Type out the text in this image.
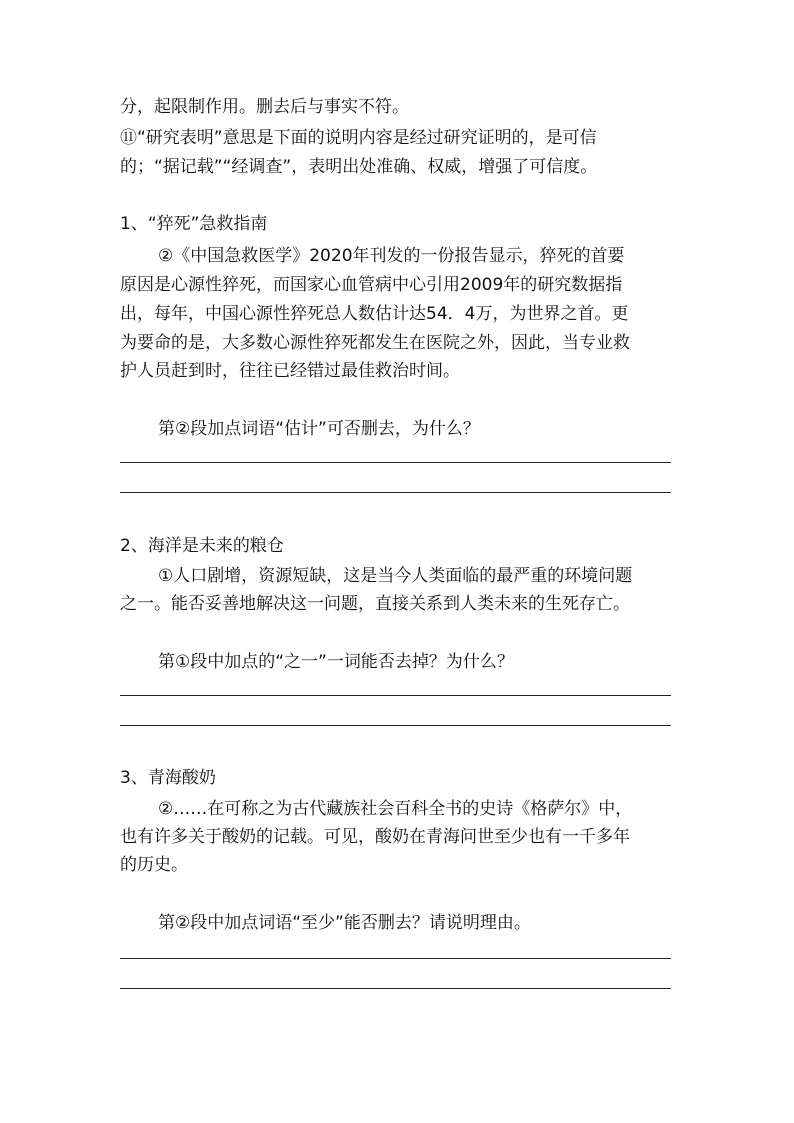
分，起限制作用。删去后与事实不符。
⑪“研究表明”意思是下面的说明内容是经过研究证明的，是可信
的；“据记载”“经调查”，表明出处准确、权威，增强了可信度。
1、“猝死”急救指南
②《中国急救医学》2020年刊发的一份报告显示，猝死的首要
原因是心源性猝死，而国家心血管病中心引用2009年的研究数据指
出，每年，中国心源性猝死总人数估计达54．4万，为世界之首。更
为要命的是，大多数心源性猝死都发生在医院之外，因此，当专业救
护人员赶到时，往往已经错过最佳救治时间。
第②段加点词语“估计”可否删去，为什么？
2、海洋是未来的粮仓
①人口剧增，资源短缺，这是当今人类面临的最严重的环境问题
之一。能否妥善地解决这一问题，直接关系到人类未来的生死存亡。
第①段中加点的“之一”一词能否去掉？为什么？
3、青海酸奶
②……在可称之为古代藏族社会百科全书的史诗《格萨尔》中，
也有许多关于酸奶的记载。可见，酸奶在青海问世至少也有一千多年
的历史。
第②段中加点词语“至少”能否删去？请说明理由。
